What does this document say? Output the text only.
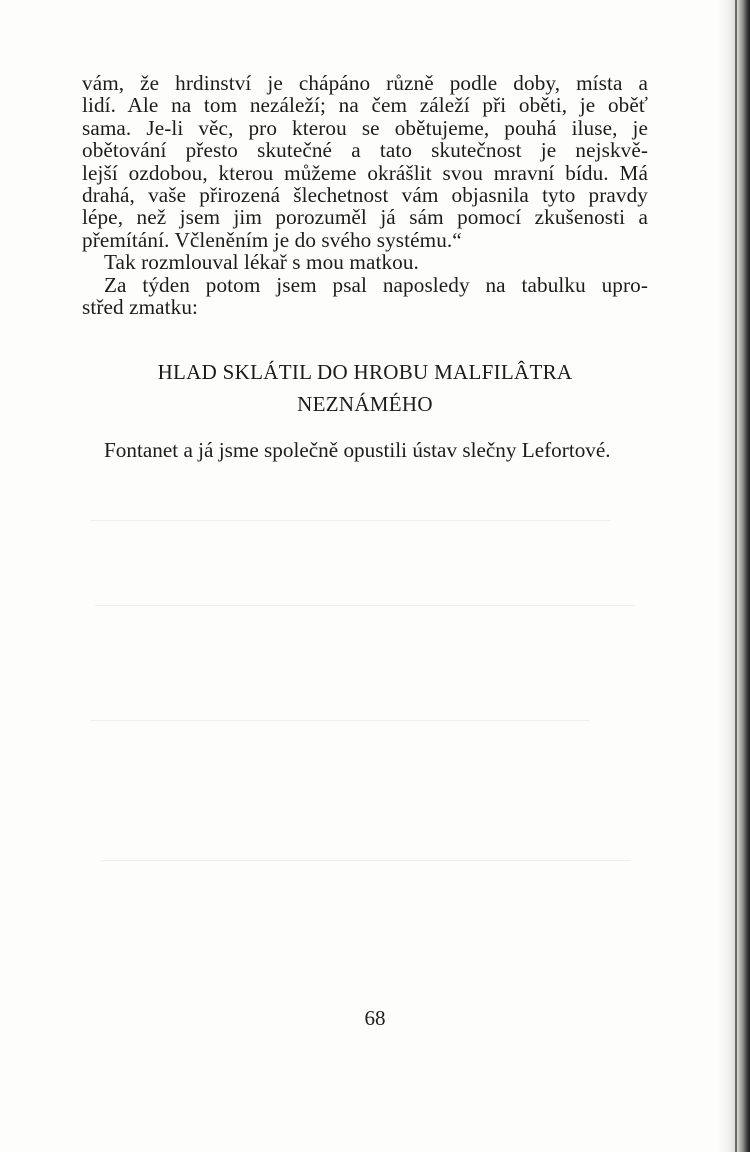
vám, že hrdinství je chápáno různě podle doby, místa a
lidí. Ale na tom nezáleží; na čem záleží při oběti, je oběť
sama. Je-li věc, pro kterou se obětujeme, pouhá iluse, je
obětování přesto skutečné a tato skutečnost je nejskvě-
lejší ozdobou, kterou můžeme okrášlit svou mravní bídu. Má
drahá, vaše přirozená šlechetnost vám objasnila tyto pravdy
lépe, než jsem jim porozuměl já sám pomocí zkušenosti a
přemítání. Včleněním je do svého systému.“
Tak rozmlouval lékař s mou matkou.
Za týden potom jsem psal naposledy na tabulku upro-
střed zmatku:
HLAD SKLÁTIL DO HROBU MALFILÂTRA
NEZNÁMÉHO
Fontanet a já jsme společně opustili ústav slečny Lefortové.
68
